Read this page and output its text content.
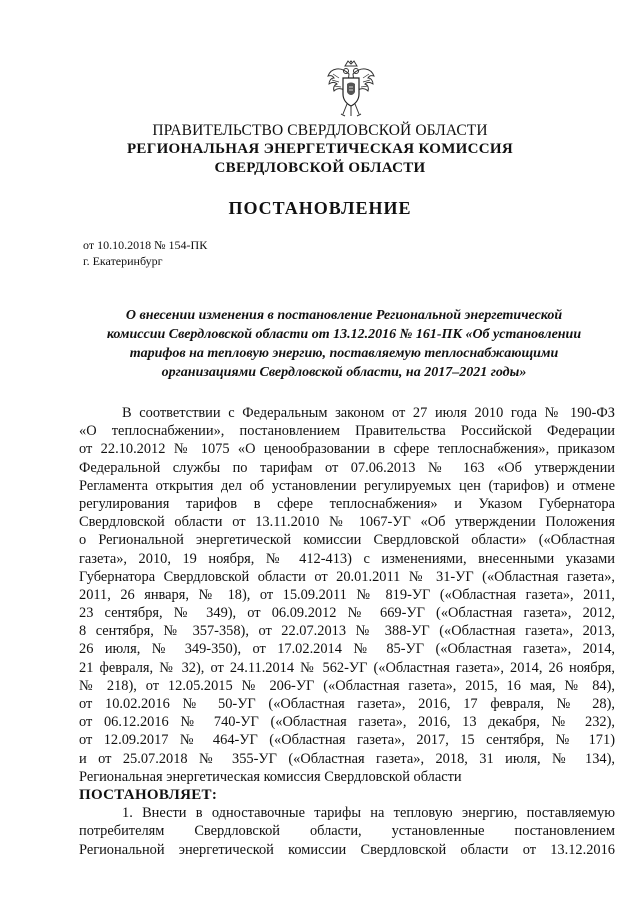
ПРАВИТЕЛЬСТВО СВЕРДЛОВСКОЙ ОБЛАСТИ
РЕГИОНАЛЬНАЯ ЭНЕРГЕТИЧЕСКАЯ КОМИССИЯ
СВЕРДЛОВСКОЙ ОБЛАСТИ
ПОСТАНОВЛЕНИЕ
от 10.10.2018 № 154-ПК
г. Екатеринбург
О внесении изменения в постановление Региональной энергетической
комиссии Свердловской области от 13.12.2016 № 161-ПК «Об установлении
тарифов на тепловую энергию, поставляемую теплоснабжающими
организациями Свердловской области, на 2017–2021 годы»
В соответствии с Федеральным законом от 27 июля 2010 года № 190-ФЗ
«О теплоснабжении», постановлением Правительства Российской Федерации
от 22.10.2012 № 1075 «О ценообразовании в сфере теплоснабжения», приказом
Федеральной службы по тарифам от 07.06.2013 № 163 «Об утверждении
Регламента открытия дел об установлении регулируемых цен (тарифов) и отмене
регулирования тарифов в сфере теплоснабжения» и Указом Губернатора
Свердловской области от 13.11.2010 № 1067-УГ «Об утверждении Положения
о Региональной энергетической комиссии Свердловской области» («Областная
газета», 2010, 19 ноября, № 412-413) с изменениями, внесенными указами
Губернатора Свердловской области от 20.01.2011 № 31-УГ («Областная газета»,
2011, 26 января, № 18), от 15.09.2011 № 819-УГ («Областная газета», 2011,
23 сентября, № 349), от 06.09.2012 № 669-УГ («Областная газета», 2012,
8 сентября, № 357-358), от 22.07.2013 № 388-УГ («Областная газета», 2013,
26 июля, № 349-350), от 17.02.2014 № 85-УГ («Областная газета», 2014,
21 февраля, № 32), от 24.11.2014 № 562-УГ («Областная газета», 2014, 26 ноября,
№ 218), от 12.05.2015 № 206-УГ («Областная газета», 2015, 16 мая, № 84),
от 10.02.2016 № 50-УГ («Областная газета», 2016, 17 февраля, № 28),
от 06.12.2016 № 740-УГ («Областная газета», 2016, 13 декабря, № 232),
от 12.09.2017 № 464-УГ («Областная газета», 2017, 15 сентября, № 171)
и от 25.07.2018 № 355-УГ («Областная газета», 2018, 31 июля, № 134),
Региональная энергетическая комиссия Свердловской области
ПОСТАНОВЛЯЕТ:
1. Внести в одноставочные тарифы на тепловую энергию, поставляемую
потребителям Свердловской области, установленные постановлением
Региональной энергетической комиссии Свердловской области от 13.12.2016
